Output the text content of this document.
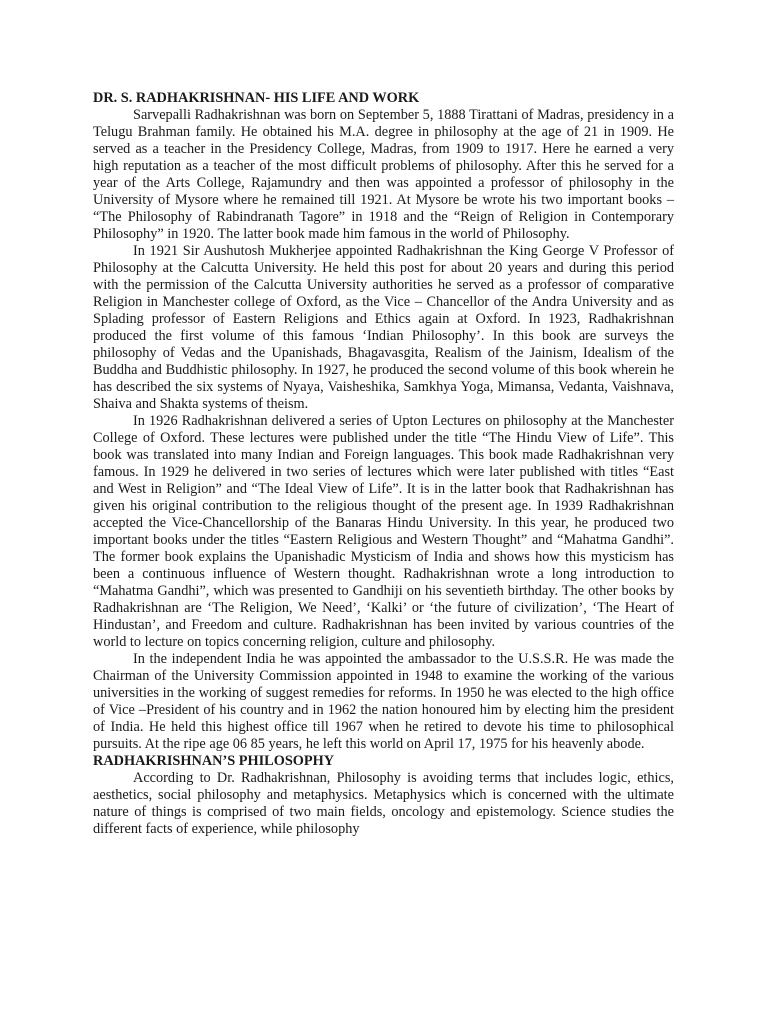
DR. S. RADHAKRISHNAN- HIS LIFE AND WORK

Sarvepalli Radhakrishnan was born on September 5, 1888 Tirattani of Madras, presidency in a Telugu Brahman family. He obtained his M.A. degree in philosophy at the age of 21 in 1909. He served as a teacher in the Presidency College, Madras, from 1909 to 1917. Here he earned a very high reputation as a teacher of the most difficult problems of philosophy. After this he served for a year of the Arts College, Rajamundry and then was appointed a professor of philosophy in the University of Mysore where he remained till 1921. At Mysore be wrote his two important books – “The Philosophy of Rabindranath Tagore” in 1918 and the “Reign of Religion in Contemporary Philosophy” in 1920. The latter book made him famous in the world of Philosophy.

In 1921 Sir Aushutosh Mukherjee appointed Radhakrishnan the King George V Professor of Philosophy at the Calcutta University. He held this post for about 20 years and during this period with the permission of the Calcutta University authorities he served as a professor of comparative Religion in Manchester college of Oxford, as the Vice – Chancellor of the Andra University and as Splading professor of Eastern Religions and Ethics again at Oxford. In 1923, Radhakrishnan produced the first volume of this famous ‘Indian Philosophy’. In this book are surveys the philosophy of Vedas and the Upanishads, Bhagavasgita, Realism of the Jainism, Idealism of the Buddha and Buddhistic philosophy. In 1927, he produced the second volume of this book wherein he has described the six systems of Nyaya, Vaisheshika, Samkhya Yoga, Mimansa, Vedanta, Vaishnava, Shaiva and Shakta systems of theism.

In 1926 Radhakrishnan delivered a series of Upton Lectures on philosophy at the Manchester College of Oxford. These lectures were published under the title “The Hindu View of Life”. This book was translated into many Indian and Foreign languages. This book made Radhakrishnan very famous. In 1929 he delivered in two series of lectures which were later published with titles “East and West in Religion” and “The Ideal View of Life”. It is in the latter book that Radhakrishnan has given his original contribution to the religious thought of the present age. In 1939 Radhakrishnan accepted the Vice-Chancellorship of the Banaras Hindu University. In this year, he produced two important books under the titles “Eastern Religious and Western Thought” and “Mahatma Gandhi”. The former book explains the Upanishadic Mysticism of India and shows how this mysticism has been a continuous influence of Western thought. Radhakrishnan wrote a long introduction to “Mahatma Gandhi”, which was presented to Gandhiji on his seventieth birthday. The other books by Radhakrishnan are ‘The Religion, We Need’, ‘Kalki’ or ‘the future of civilization’, ‘The Heart of Hindustan’, and Freedom and culture. Radhakrishnan has been invited by various countries of the world to lecture on topics concerning religion, culture and philosophy.

In the independent India he was appointed the ambassador to the U.S.S.R. He was made the Chairman of the University Commission appointed in 1948 to examine the working of the various universities in the working of suggest remedies for reforms. In 1950 he was elected to the high office of Vice –President of his country and in 1962 the nation honoured him by electing him the president of India. He held this highest office till 1967 when he retired to devote his time to philosophical pursuits. At the ripe age 06 85 years, he left this world on April 17, 1975 for his heavenly abode.

RADHAKRISHNAN’S PHILOSOPHY

According to Dr. Radhakrishnan, Philosophy is avoiding terms that includes logic, ethics, aesthetics, social philosophy and metaphysics. Metaphysics which is concerned with the ultimate nature of things is comprised of two main fields, oncology and epistemology. Science studies the different facts of experience, while philosophy
